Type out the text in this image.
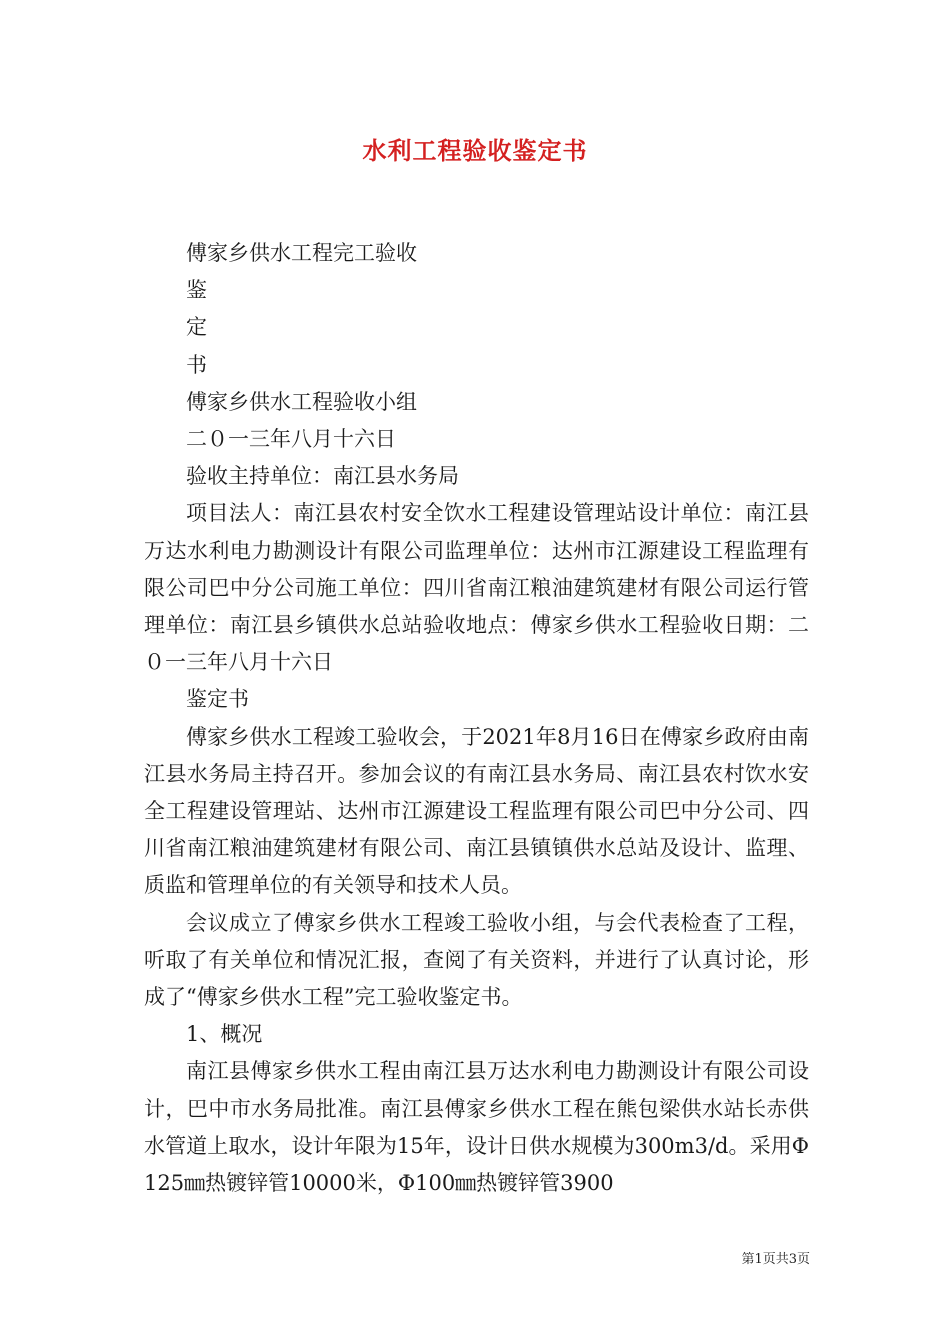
水利工程验收鉴定书

傅家乡供水工程完工验收

鉴

定

书

傅家乡供水工程验收小组

二０一三年八月十六日

验收主持单位：南江县水务局

项目法人：南江县农村安全饮水工程建设管理站设计单位：南江县万达水利电力勘测设计有限公司监理单位：达州市江源建设工程监理有限公司巴中分公司施工单位：四川省南江粮油建筑建材有限公司运行管理单位：南江县乡镇供水总站验收地点：傅家乡供水工程验收日期：二０一三年八月十六日

鉴定书

傅家乡供水工程竣工验收会，于2021年8月16日在傅家乡政府由南江县水务局主持召开。参加会议的有南江县水务局、南江县农村饮水安全工程建设管理站、达州市江源建设工程监理有限公司巴中分公司、四川省南江粮油建筑建材有限公司、南江县镇镇供水总站及设计、监理、质监和管理单位的有关领导和技术人员。

会议成立了傅家乡供水工程竣工验收小组，与会代表检查了工程，听取了有关单位和情况汇报，查阅了有关资料，并进行了认真讨论，形成了“傅家乡供水工程”完工验收鉴定书。

1、概况

南江县傅家乡供水工程由南江县万达水利电力勘测设计有限公司设计，巴中市水务局批准。南江县傅家乡供水工程在熊包梁供水站长赤供水管道上取水，设计年限为15年，设计日供水规模为300m3/d。采用Φ125㎜热镀锌管10000米，Φ100㎜热镀锌管3900

第1页共3页
